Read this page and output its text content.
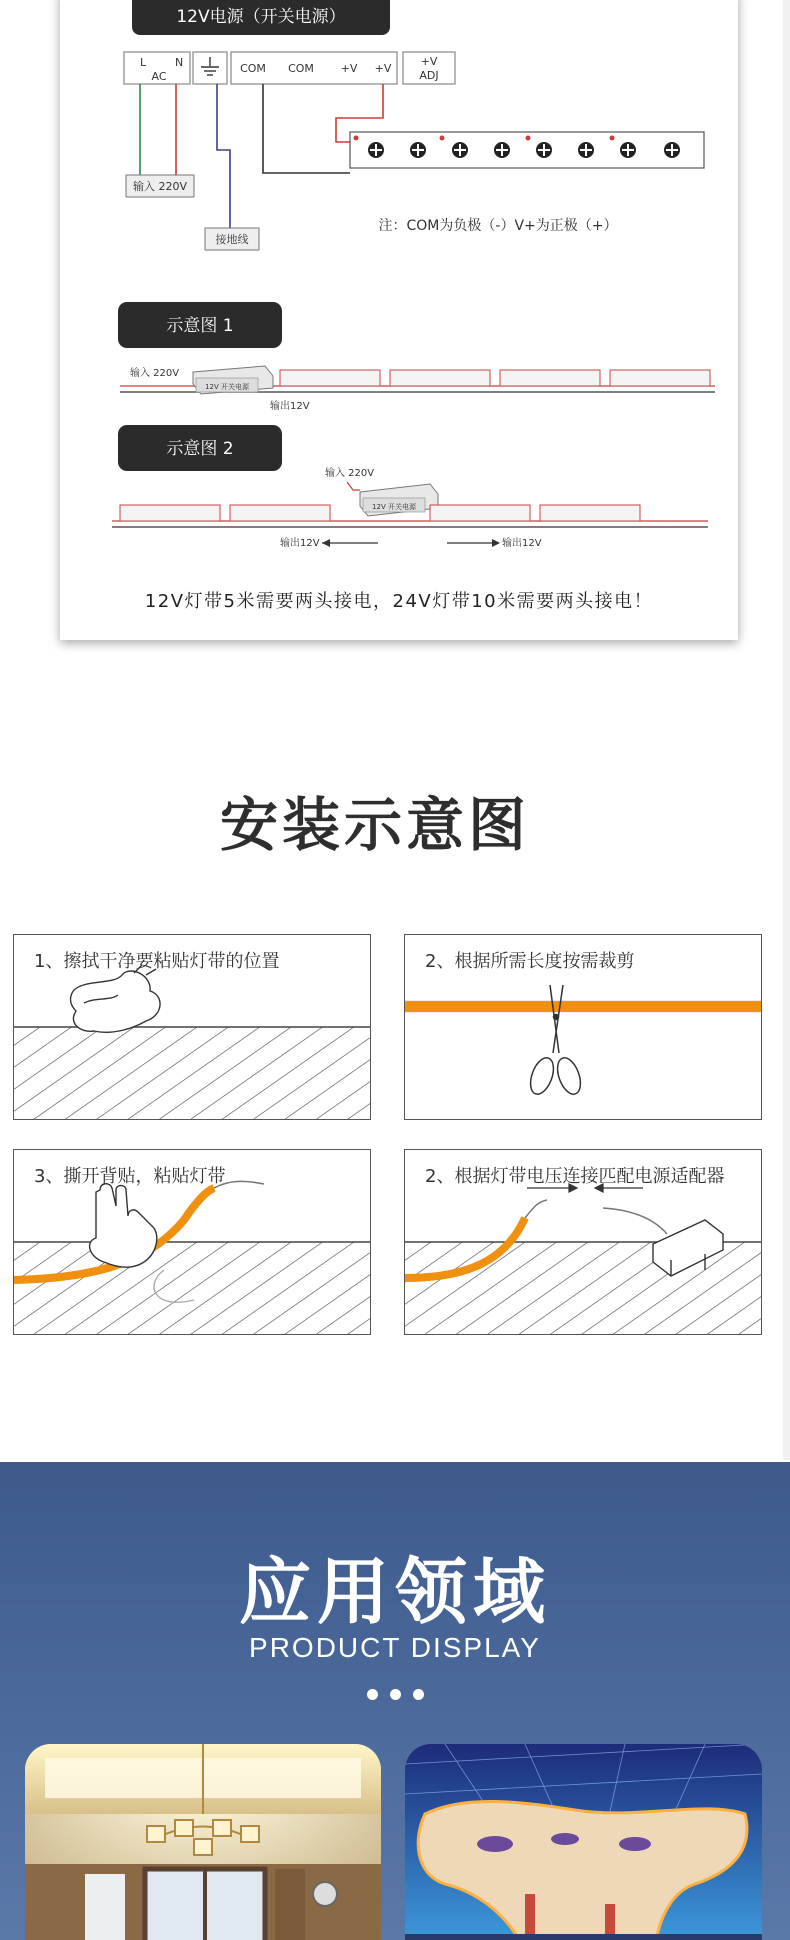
12V电源（开关电源）
L	N
AC
COM COM +V +V
+V
ADJ
输入 220V
接地线
注：COM为负极（-）V+为正极（+）
示意图 1
输入 220V
12V 开关电源
输出12V
示意图 2
输入 220V
12V 开关电源
输出12V	输出12V
12V灯带5米需要两头接电，24V灯带10米需要两头接电！
安装示意图
1、擦拭干净要粘贴灯带的位置	2、根据所需长度按需裁剪
3、撕开背贴，粘贴灯带	2、根据灯带电压连接匹配电源适配器
应用领域
PRODUCT DISPLAY
